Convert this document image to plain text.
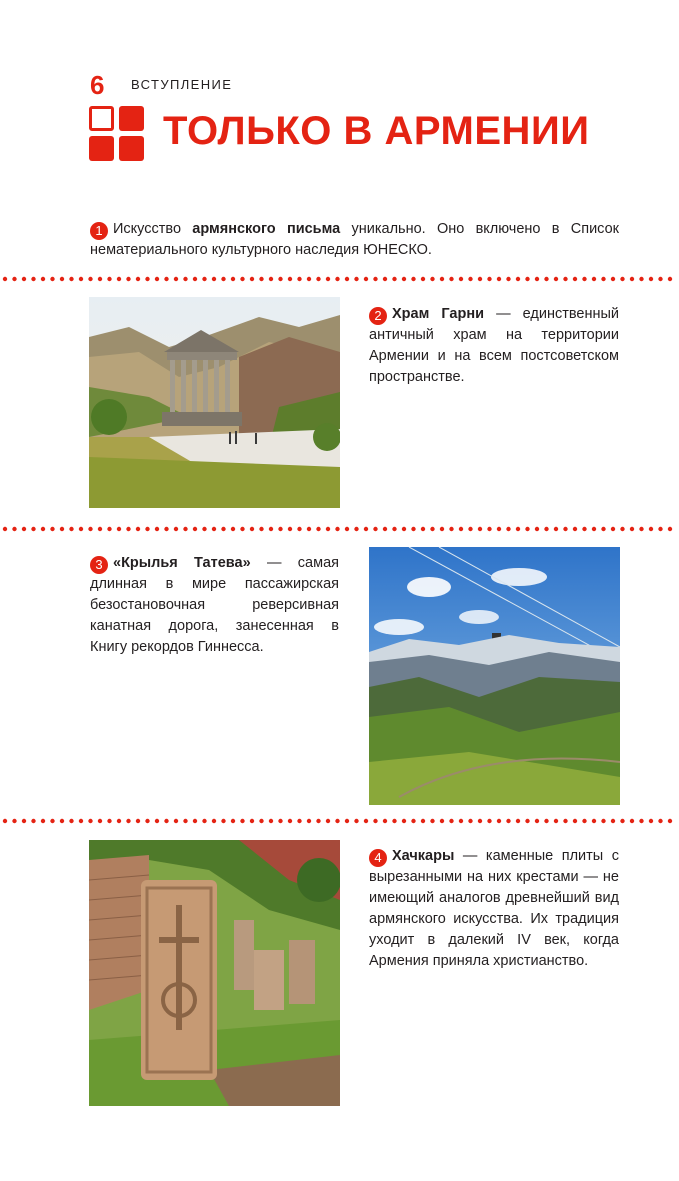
6 ВСТУПЛЕНИЕ
ТОЛЬКО В АРМЕНИИ
1 Искусство армянского письма уникально. Оно включено в Список нематериального культурного наследия ЮНЕСКО.
2 Храм Гарни — единственный античный храм на территории Армении и на всем постсоветском пространстве.
3 «Крылья Татева» — самая длинная в мире пассажирская безостановочная реверсивная канатная дорога, занесенная в Книгу рекордов Гиннесса.
4 Хачкары — каменные плиты с вырезанными на них крестами — не имеющий аналогов древнейший вид армянского искусства. Их традиция уходит в далекий IV век, когда Армения приняла христианство.
